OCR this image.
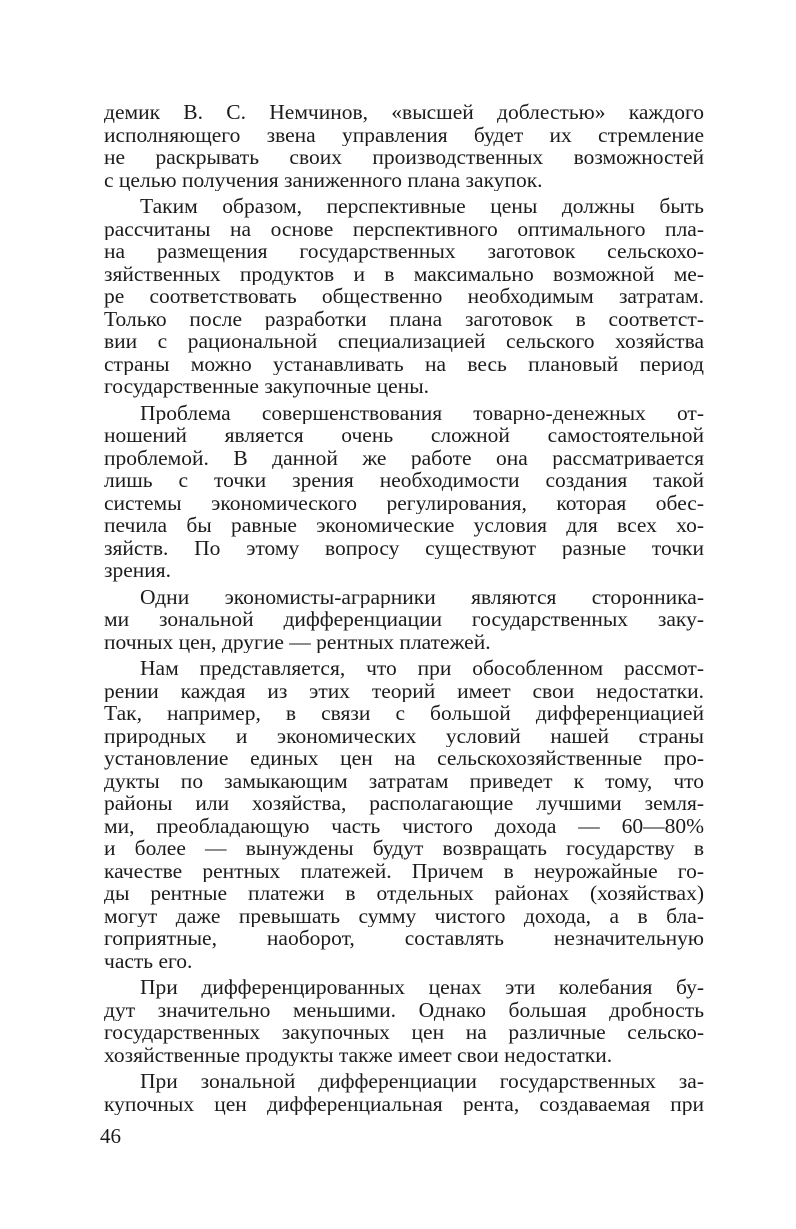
демик В. С. Немчинов, «высшей доблестью» каждого
исполняющего звена управления будет их стремление
не раскрывать своих производственных возможностей
с целью получения заниженного плана закупок.
Таким образом, перспективные цены должны быть
рассчитаны на основе перспективного оптимального пла-
на размещения государственных заготовок сельскохо-
зяйственных продуктов и в максимально возможной ме-
ре соответствовать общественно необходимым затратам.
Только после разработки плана заготовок в соответст-
вии с рациональной специализацией сельского хозяйства
страны можно устанавливать на весь плановый период
государственные закупочные цены.
Проблема совершенствования товарно-денежных от-
ношений является очень сложной самостоятельной
проблемой. В данной же работе она рассматривается
лишь с точки зрения необходимости создания такой
системы экономического регулирования, которая обес-
печила бы равные экономические условия для всех хо-
зяйств. По этому вопросу существуют разные точки
зрения.
Одни экономисты-аграрники являются сторонника-
ми зональной дифференциации государственных заку-
почных цен, другие — рентных платежей.
Нам представляется, что при обособленном рассмот-
рении каждая из этих теорий имеет свои недостатки.
Так, например, в связи с большой дифференциацией
природных и экономических условий нашей страны
установление единых цен на сельскохозяйственные про-
дукты по замыкающим затратам приведет к тому, что
районы или хозяйства, располагающие лучшими земля-
ми, преобладающую часть чистого дохода — 60—80%
и более — вынуждены будут возвращать государству в
качестве рентных платежей. Причем в неурожайные го-
ды рентные платежи в отдельных районах (хозяйствах)
могут даже превышать сумму чистого дохода, а в бла-
гоприятные, наоборот, составлять незначительную
часть его.
При дифференцированных ценах эти колебания бу-
дут значительно меньшими. Однако большая дробность
государственных закупочных цен на различные сельско-
хозяйственные продукты также имеет свои недостатки.
При зональной дифференциации государственных за-
купочных цен дифференциальная рента, создаваемая при
46
